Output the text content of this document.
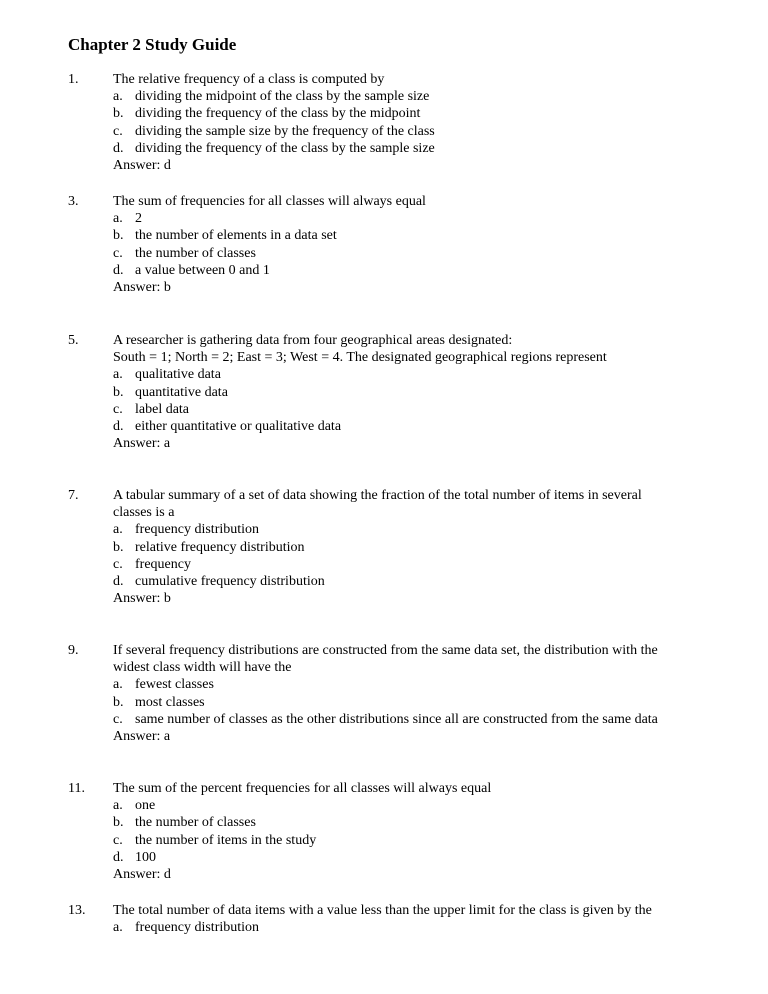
Chapter 2 Study Guide
1. The relative frequency of a class is computed by
a. dividing the midpoint of the class by the sample size
b. dividing the frequency of the class by the midpoint
c. dividing the sample size by the frequency of the class
d. dividing the frequency of the class by the sample size
Answer: d
3. The sum of frequencies for all classes will always equal
a. 2
b. the number of elements in a data set
c. the number of classes
d. a value between 0 and 1
Answer: b
5. A researcher is gathering data from four geographical areas designated:
South = 1; North = 2; East = 3; West = 4. The designated geographical regions represent
a. qualitative data
b. quantitative data
c. label data
d. either quantitative or qualitative data
Answer: a
7. A tabular summary of a set of data showing the fraction of the total number of items in several
classes is a
a. frequency distribution
b. relative frequency distribution
c. frequency
d. cumulative frequency distribution
Answer: b
9. If several frequency distributions are constructed from the same data set, the distribution with the
widest class width will have the
a. fewest classes
b. most classes
c. same number of classes as the other distributions since all are constructed from the same data
Answer: a
11. The sum of the percent frequencies for all classes will always equal
a. one
b. the number of classes
c. the number of items in the study
d. 100
Answer: d
13. The total number of data items with a value less than the upper limit for the class is given by the
a. frequency distribution
